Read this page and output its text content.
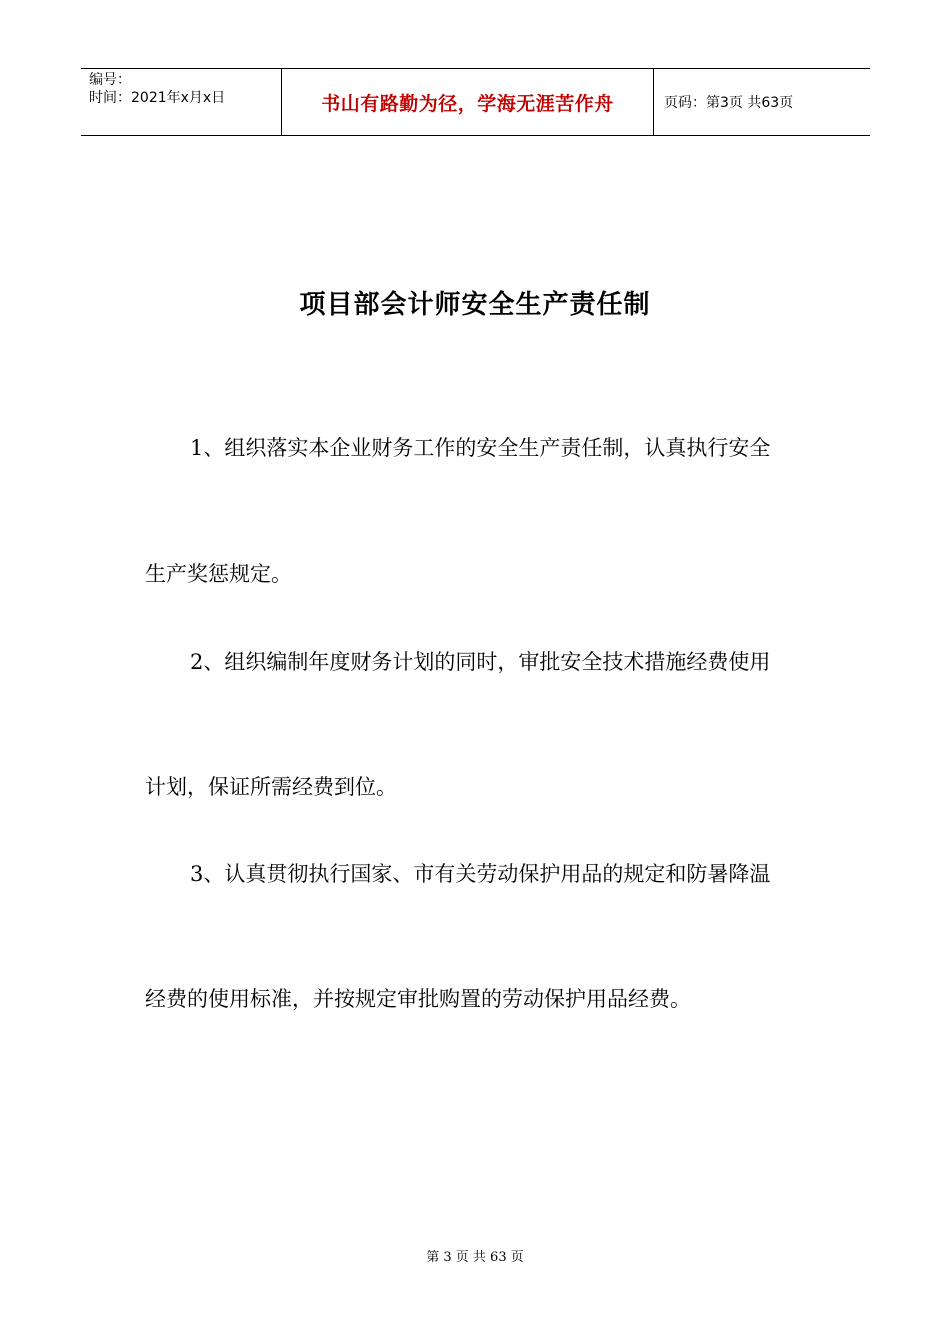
编号：
时间：2021年x月x日	书山有路勤为径，学海无涯苦作舟	页码：第3页 共63页
项目部会计师安全生产责任制
1、组织落实本企业财务工作的安全生产责任制，认真执行安全
生产奖惩规定。
2、组织编制年度财务计划的同时，审批安全技术措施经费使用
计划，保证所需经费到位。
3、认真贯彻执行国家、市有关劳动保护用品的规定和防暑降温
经费的使用标准，并按规定审批购置的劳动保护用品经费。
第 3 页 共 63 页
